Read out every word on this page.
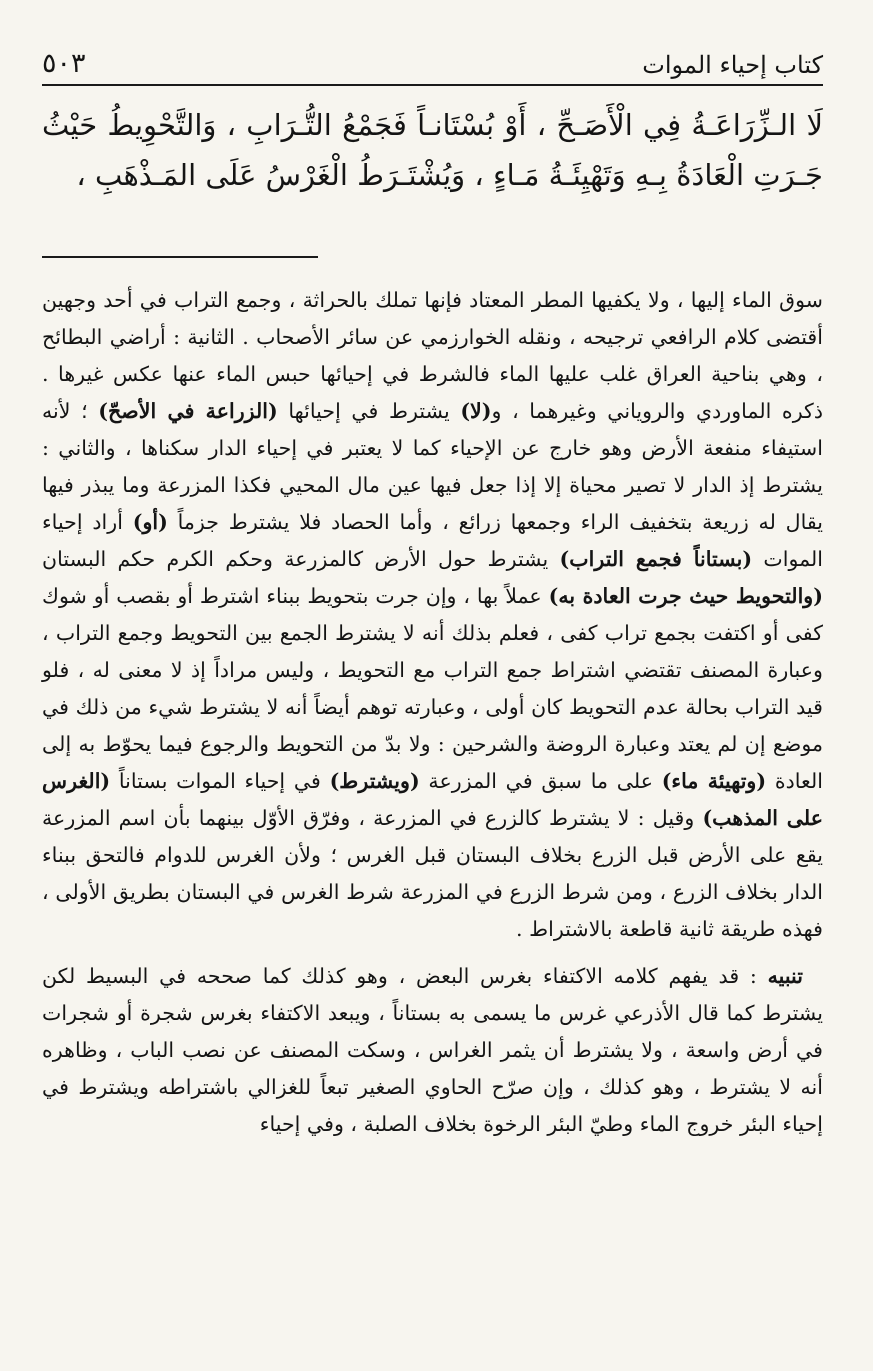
كتاب إحياء الموات
٥٠٣
لَا الـزِّرَاعَـةُ فِي الْأَصَـحِّ ، أَوْ بُسْتَانـاً فَجَمْعُ التُّـرَابِ ، وَالتَّحْوِيطُ حَيْثُ جَـرَتِ الْعَادَةُ بِـهِ وَتَهْيِئَـةُ مَـاءٍ ، وَيُشْتَـرَطُ الْغَرْسُ عَلَى المَـذْهَبِ ،

سوق الماء إليها ، ولا يكفيها المطر المعتاد فإنها تملك بالحراثة ، وجمع التراب في أحد وجهين أقتضى كلام الرافعي ترجيحه ، ونقله الخوارزمي عن سائر الأصحاب . الثانية : أراضي البطائح ، وهي بناحية العراق غلب عليها الماء فالشرط في إحيائها حبس الماء عنها عكس غيرها . ذكره الماوردي والروياني وغيرهما ، و(لا) يشترط في إحيائها (الزراعة في الأصحّ) ؛ لأنه استيفاء منفعة الأرض وهو خارج عن الإحياء كما لا يعتبر في إحياء الدار سكناها ، والثاني : يشترط إذ الدار لا تصير محياة إلا إذا جعل فيها عين مال المحيي فكذا المزرعة وما يبذر فيها يقال له زريعة بتخفيف الراء وجمعها زرائع ، وأما الحصاد فلا يشترط جزماً (أو) أراد إحياء الموات (بستاناً فجمع التراب) يشترط حول الأرض كالمزرعة وحكم الكرم حكم البستان (والتحويط حيث جرت العادة به) عملاً بها ، وإن جرت بتحويط ببناء اشترط أو بقصب أو شوك كفى أو اكتفت بجمع تراب كفى ، فعلم بذلك أنه لا يشترط الجمع بين التحويط وجمع التراب ، وعبارة المصنف تقتضي اشتراط جمع التراب مع التحويط ، وليس مراداً إذ لا معنى له ، فلو قيد التراب بحالة عدم التحويط كان أولى ، وعبارته توهم أيضاً أنه لا يشترط شيء من ذلك في موضع إن لم يعتد وعبارة الروضة والشرحين : ولا بدّ من التحويط والرجوع فيما يحوّط به إلى العادة (وتهيئة ماء) على ما سبق في المزرعة (ويشترط) في إحياء الموات بستاناً (الغرس على المذهب) وقيل : لا يشترط كالزرع في المزرعة ، وفرّق الأوّل بينهما بأن اسم المزرعة يقع على الأرض قبل الزرع بخلاف البستان قبل الغرس ؛ ولأن الغرس للدوام فالتحق ببناء الدار بخلاف الزرع ، ومن شرط الزرع في المزرعة شرط الغرس في البستان بطريق الأولى ، فهذه طريقة ثانية قاطعة بالاشتراط .

تنبيه : قد يفهم كلامه الاكتفاء بغرس البعض ، وهو كذلك كما صححه في البسيط لكن يشترط كما قال الأذرعي غرس ما يسمى به بستاناً ، ويبعد الاكتفاء بغرس شجرة أو شجرات في أرض واسعة ، ولا يشترط أن يثمر الغراس ، وسكت المصنف عن نصب الباب ، وظاهره أنه لا يشترط ، وهو كذلك ، وإن صرّح الحاوي الصغير تبعاً للغزالي باشتراطه ويشترط في إحياء البئر خروج الماء وطيّ البئر الرخوة بخلاف الصلبة ، وفي إحياء
